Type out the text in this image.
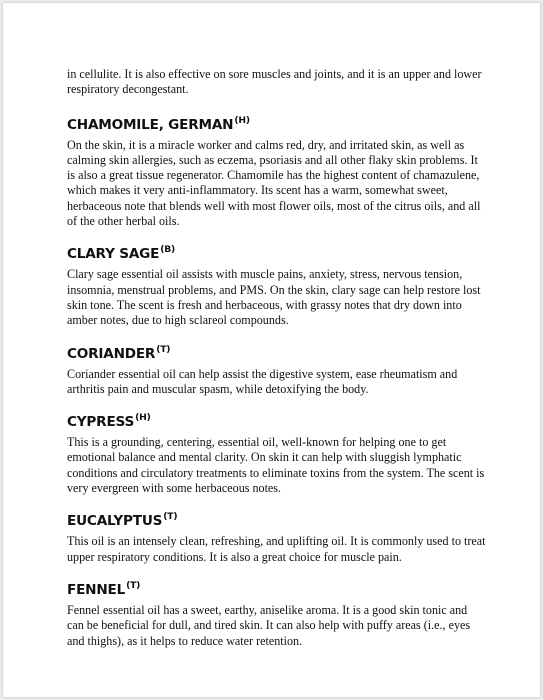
in cellulite. It is also effective on sore muscles and joints, and it is an upper and lower respiratory decongestant.

CHAMOMILE, $GERMAN^{(H)}$

On the skin, it is a miracle worker and calms red, dry, and irritated skin, as well as calming skin allergies, such as eczema, psoriasis and all other flaky skin problems. It is also a great tissue regenerator. Chamomile has the highest content of chamazulene, which makes it very anti-inflammatory. Its scent has a warm, somewhat sweet, herbaceous note that blends well with most flower oils, most of the citrus oils, and all of the other herbal oils.

CLARY $SAGE^{(B)}$

Clary sage essential oil assists with muscle pains, anxiety, stress, nervous tension, insomnia, menstrual problems, and PMS. On the skin, clary sage can help restore lost skin tone. The scent is fresh and herbaceous, with grassy notes that dry down into amber notes, due to high sclareol compounds.

$CORIANDER^{(T)}$

Coriander essential oil can help assist the digestive system, ease rheumatism and arthritis pain and muscular spasm, while detoxifying the body.

$CYPRESS^{(H)}$

This is a grounding, centering, essential oil, well-known for helping one to get emotional balance and mental clarity. On skin it can help with sluggish lymphatic conditions and circulatory treatments to eliminate toxins from the system. The scent is very evergreen with some herbaceous notes.

$EUCALYPTUS^{(T)}$

This oil is an intensely clean, refreshing, and uplifting oil. It is commonly used to treat upper respiratory conditions. It is also a great choice for muscle pain.

$FENNEL^{(T)}$

Fennel essential oil has a sweet, earthy, aniselike aroma. It is a good skin tonic and can be beneficial for dull, and tired skin. It can also help with puffy areas (i.e., eyes and thighs), as it helps to reduce water retention.
